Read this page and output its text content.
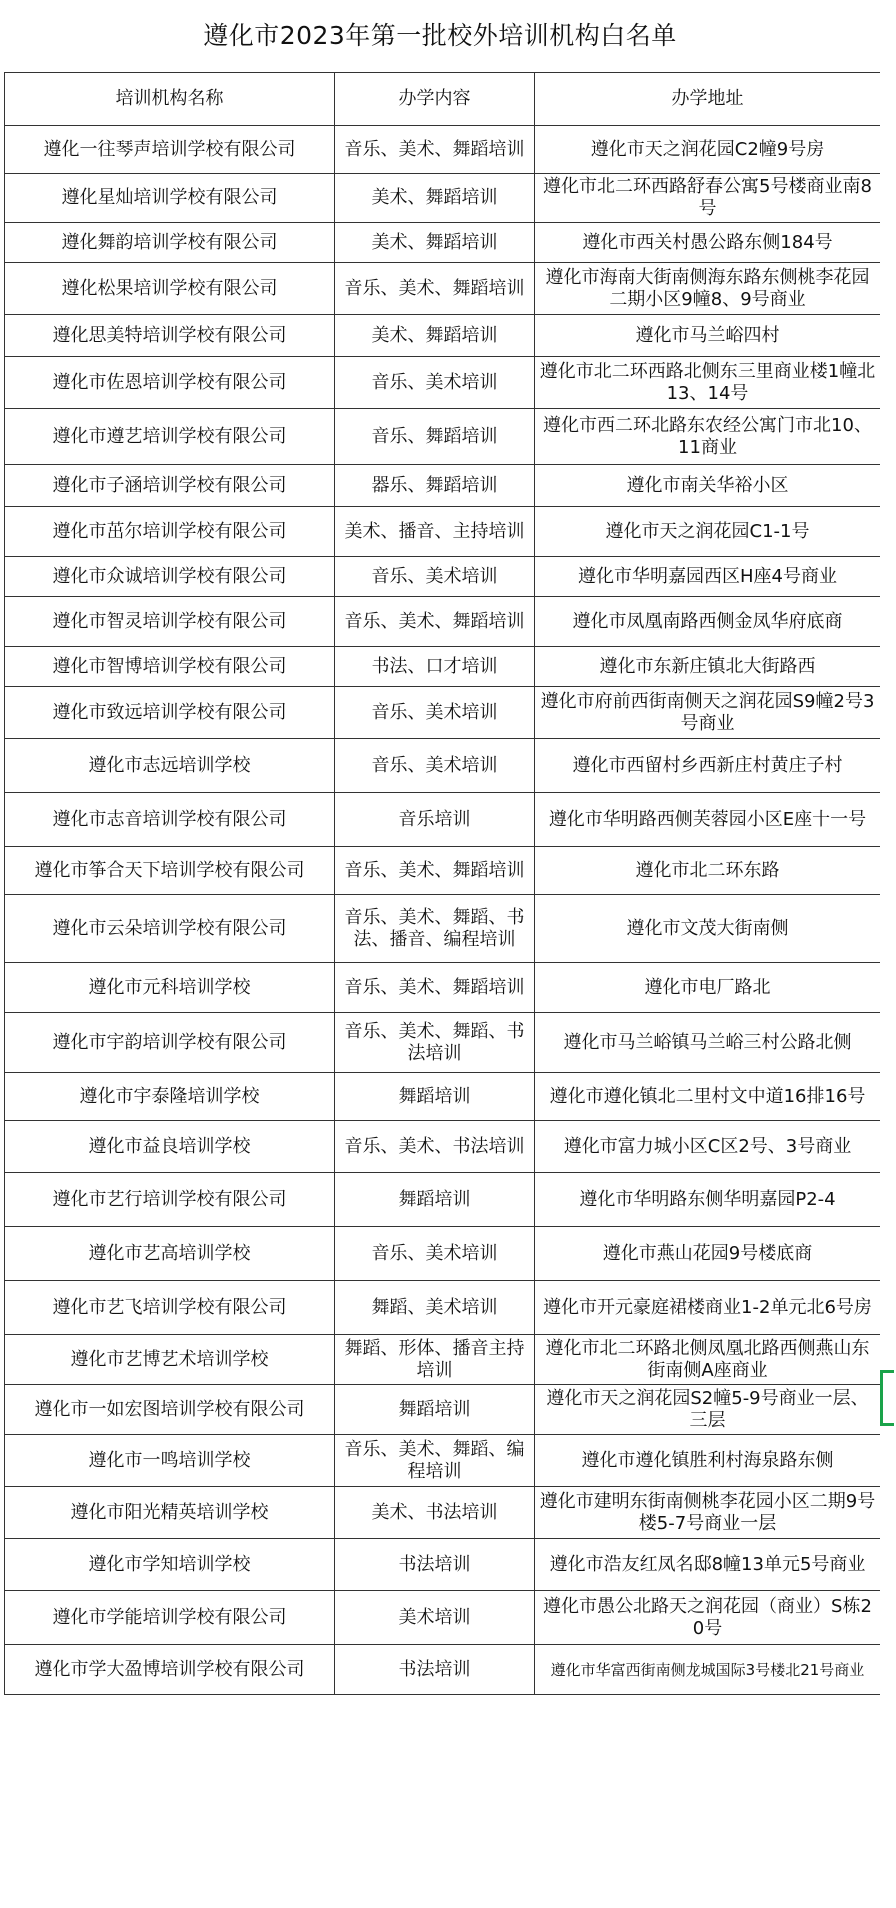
遵化市2023年第一批校外培训机构白名单
培训机构名称	办学内容	办学地址
遵化一往琴声培训学校有限公司	音乐、美术、舞蹈培训	遵化市天之润花园C2幢9号房
遵化星灿培训学校有限公司	美术、舞蹈培训	遵化市北二环西路舒春公寓5号楼商业南8号
遵化舞韵培训学校有限公司	美术、舞蹈培训	遵化市西关村愚公路东侧184号
遵化松果培训学校有限公司	音乐、美术、舞蹈培训	遵化市海南大街南侧海东路东侧桃李花园二期小区9幢8、9号商业
遵化思美特培训学校有限公司	美术、舞蹈培训	遵化市马兰峪四村
遵化市佐恩培训学校有限公司	音乐、美术培训	遵化市北二环西路北侧东三里商业楼1幢北13、14号
遵化市遵艺培训学校有限公司	音乐、舞蹈培训	遵化市西二环北路东农经公寓门市北10、11商业
遵化市子涵培训学校有限公司	器乐、舞蹈培训	遵化市南关华裕小区
遵化市茁尔培训学校有限公司	美术、播音、主持培训	遵化市天之润花园C1-1号
遵化市众诚培训学校有限公司	音乐、美术培训	遵化市华明嘉园西区H座4号商业
遵化市智灵培训学校有限公司	音乐、美术、舞蹈培训	遵化市凤凰南路西侧金凤华府底商
遵化市智博培训学校有限公司	书法、口才培训	遵化市东新庄镇北大街路西
遵化市致远培训学校有限公司	音乐、美术培训	遵化市府前西街南侧天之润花园S9幢2号3号商业
遵化市志远培训学校	音乐、美术培训	遵化市西留村乡西新庄村黄庄子村
遵化市志音培训学校有限公司	音乐培训	遵化市华明路西侧芙蓉园小区E座十一号
遵化市筝合天下培训学校有限公司	音乐、美术、舞蹈培训	遵化市北二环东路
遵化市云朵培训学校有限公司	音乐、美术、舞蹈、书法、播音、编程培训	遵化市文茂大街南侧
遵化市元科培训学校	音乐、美术、舞蹈培训	遵化市电厂路北
遵化市宇韵培训学校有限公司	音乐、美术、舞蹈、书法培训	遵化市马兰峪镇马兰峪三村公路北侧
遵化市宇泰隆培训学校	舞蹈培训	遵化市遵化镇北二里村文中道16排16号
遵化市益良培训学校	音乐、美术、书法培训	遵化市富力城小区C区2号、3号商业
遵化市艺行培训学校有限公司	舞蹈培训	遵化市华明路东侧华明嘉园P2-4
遵化市艺高培训学校	音乐、美术培训	遵化市燕山花园9号楼底商
遵化市艺飞培训学校有限公司	舞蹈、美术培训	遵化市开元豪庭裙楼商业1-2单元北6号房
遵化市艺博艺术培训学校	舞蹈、形体、播音主持培训	遵化市北二环路北侧凤凰北路西侧燕山东街南侧A座商业
遵化市一如宏图培训学校有限公司	舞蹈培训	遵化市天之润花园S2幢5-9号商业一层、三层
遵化市一鸣培训学校	音乐、美术、舞蹈、编程培训	遵化市遵化镇胜利村海泉路东侧
遵化市阳光精英培训学校	美术、书法培训	遵化市建明东街南侧桃李花园小区二期9号楼5-7号商业一层
遵化市学知培训学校	书法培训	遵化市浩友红凤名邸8幢13单元5号商业
遵化市学能培训学校有限公司	美术培训	遵化市愚公北路天之润花园（商业）S栋20号
遵化市学大盈博培训学校有限公司	书法培训	遵化市华富西街南侧龙城国际3号楼北21号商业
